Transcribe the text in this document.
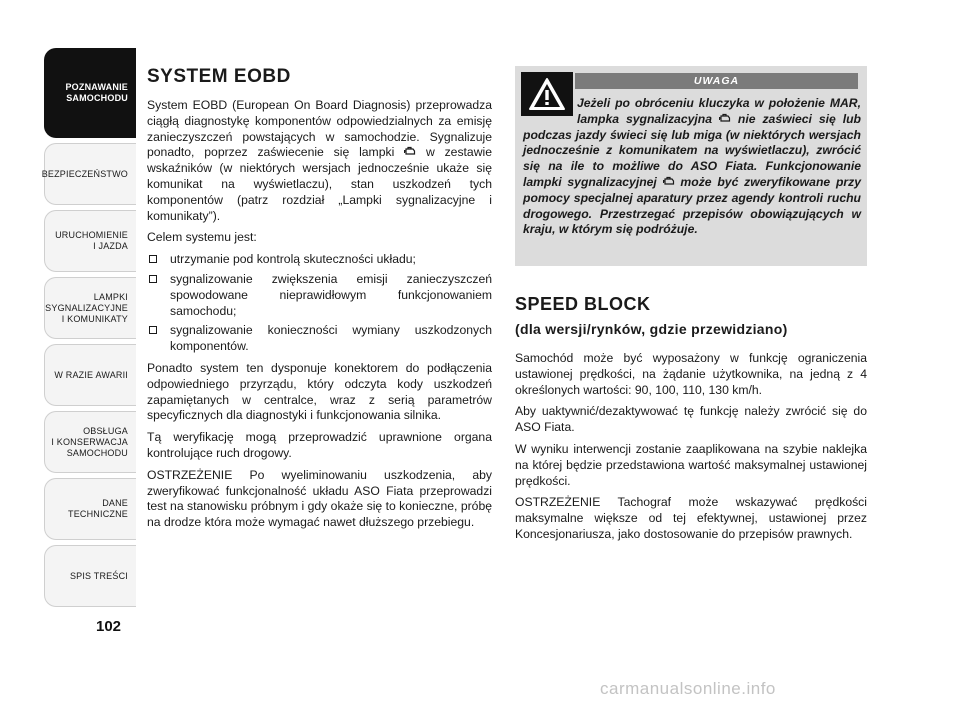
POZNAWANIE
SAMOCHODU
BEZPIECZEŃSTWO
URUCHOMIENIE
I JAZDA
LAMPKI
SYGNALIZACYJNE
I KOMUNIKATY
W RAZIE AWARII
OBSŁUGA
I KONSERWACJA
SAMOCHODU
DANE
TECHNICZNE
SPIS TREŚCI
102
SYSTEM EOBD

System EOBD (European On Board Diagnosis) przeprowadza ciągłą diagnostykę komponentów odpowiedzialnych za emisję zanieczyszczeń powstających w samochodzie. Sygnalizuje ponadto, poprzez zaświecenie się lampki	w zestawie wskaźników (w niektórych wersjach jednocześnie ukaże się komunikat na wyświetlaczu), stan uszkodzeń tych komponentów (patrz rozdział „Lampki sygnalizacyjne i komunikaty”).

Celem systemu jest:

utrzymanie pod kontrolą skuteczności układu;
sygnalizowanie zwiększenia emisji zanieczyszczeń spowodowane nieprawidłowym funkcjonowaniem samochodu;
sygnalizowanie konieczności wymiany uszkodzonych komponentów.

Ponadto system ten dysponuje konektorem do podłączenia odpowiedniego przyrządu, który odczyta kody uszkodzeń zapamiętanych w centralce, wraz z serią parametrów specyficznych dla diagnostyki i funkcjonowania silnika.

Tą weryfikację mogą przeprowadzić uprawnione organa kontrolujące ruch drogowy.

OSTRZEŻENIE Po wyeliminowaniu uszkodzenia, aby zweryfikować funkcjonalność układu ASO Fiata przeprowadzi test na stanowisku próbnym i gdy okaże się to konieczne, próbę na drodze która może wymagać nawet dłuższego przebiegu.

UWAGA
Jeżeli po obróceniu kluczyka w położenie MAR, lampka sygnalizacyjna nie zaświeci się lub podczas jazdy świeci się lub miga (w niektórych wersjach jednocześnie z komunikatem na wyświetlaczu), zwrócić się na ile to możliwe do ASO Fiata. Funkcjonowanie lampki sygnalizacyjnej może być zweryfikowane przy pomocy specjalnej aparatury przez agendy kontroli ruchu drogowego. Przestrzegać przepisów obowiązujących w kraju, w którym się podróżuje.
SPEED BLOCK
(dla wersji/rynków, gdzie przewidziano)

Samochód może być wyposażony w funkcję ograniczenia ustawionej prędkości, na żądanie użytkownika, na jedną z 4 określonych wartości: 90, 100, 110, 130 km/h.

Aby uaktywnić/dezaktywować tę funkcję należy zwrócić się do ASO Fiata.

W wyniku interwencji zostanie zaaplikowana na szybie naklejka na której będzie przedstawiona wartość maksymalnej ustawionej prędkości.

OSTRZEŻENIE Tachograf może wskazywać prędkości maksymalne większe od tej efektywnej, ustawionej przez Koncesjonariusza, jako dostosowanie do przepisów prawnych.

carmanualsonline.info
